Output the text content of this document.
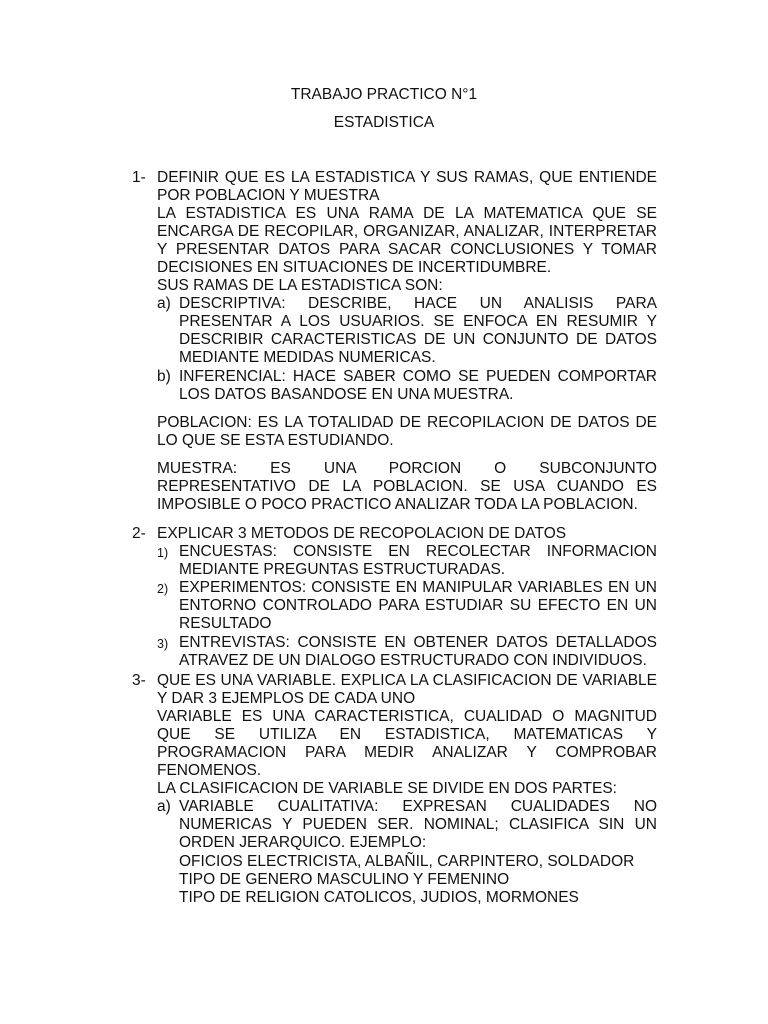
TRABAJO PRACTICO N°1
ESTADISTICA
1- DEFINIR QUE ES LA ESTADISTICA Y SUS RAMAS, QUE ENTIENDE
POR POBLACION Y MUESTRA
LA ESTADISTICA ES UNA RAMA DE LA MATEMATICA QUE SE
ENCARGA DE RECOPILAR, ORGANIZAR, ANALIZAR, INTERPRETAR
Y PRESENTAR DATOS PARA SACAR CONCLUSIONES Y TOMAR
DECISIONES EN SITUACIONES DE INCERTIDUMBRE.
SUS RAMAS DE LA ESTADISTICA SON:
a) DESCRIPTIVA: DESCRIBE, HACE UN ANALISIS PARA
PRESENTAR A LOS USUARIOS. SE ENFOCA EN RESUMIR Y
DESCRIBIR CARACTERISTICAS DE UN CONJUNTO DE DATOS
MEDIANTE MEDIDAS NUMERICAS.
b) INFERENCIAL: HACE SABER COMO SE PUEDEN COMPORTAR
LOS DATOS BASANDOSE EN UNA MUESTRA.
POBLACION: ES LA TOTALIDAD DE RECOPILACION DE DATOS DE
LO QUE SE ESTA ESTUDIANDO.
MUESTRA: ES UNA PORCION O SUBCONJUNTO
REPRESENTATIVO DE LA POBLACION. SE USA CUANDO ES
IMPOSIBLE O POCO PRACTICO ANALIZAR TODA LA POBLACION.
2- EXPLICAR 3 METODOS DE RECOPOLACION DE DATOS
1) ENCUESTAS: CONSISTE EN RECOLECTAR INFORMACION
MEDIANTE PREGUNTAS ESTRUCTURADAS.
2) EXPERIMENTOS: CONSISTE EN MANIPULAR VARIABLES EN UN
ENTORNO CONTROLADO PARA ESTUDIAR SU EFECTO EN UN
RESULTADO
3) ENTREVISTAS: CONSISTE EN OBTENER DATOS DETALLADOS
ATRAVEZ DE UN DIALOGO ESTRUCTURADO CON INDIVIDUOS.
3- QUE ES UNA VARIABLE. EXPLICA LA CLASIFICACION DE VARIABLE
Y DAR 3 EJEMPLOS DE CADA UNO
VARIABLE ES UNA CARACTERISTICA, CUALIDAD O MAGNITUD
QUE SE UTILIZA EN ESTADISTICA, MATEMATICAS Y
PROGRAMACION PARA MEDIR ANALIZAR Y COMPROBAR
FENOMENOS.
LA CLASIFICACION DE VARIABLE SE DIVIDE EN DOS PARTES:
a) VARIABLE CUALITATIVA: EXPRESAN CUALIDADES NO
NUMERICAS Y PUEDEN SER. NOMINAL; CLASIFICA SIN UN
ORDEN JERARQUICO. EJEMPLO:
OFICIOS ELECTRICISTA, ALBAÑIL, CARPINTERO, SOLDADOR
TIPO DE GENERO MASCULINO Y FEMENINO
TIPO DE RELIGION CATOLICOS, JUDIOS, MORMONES
